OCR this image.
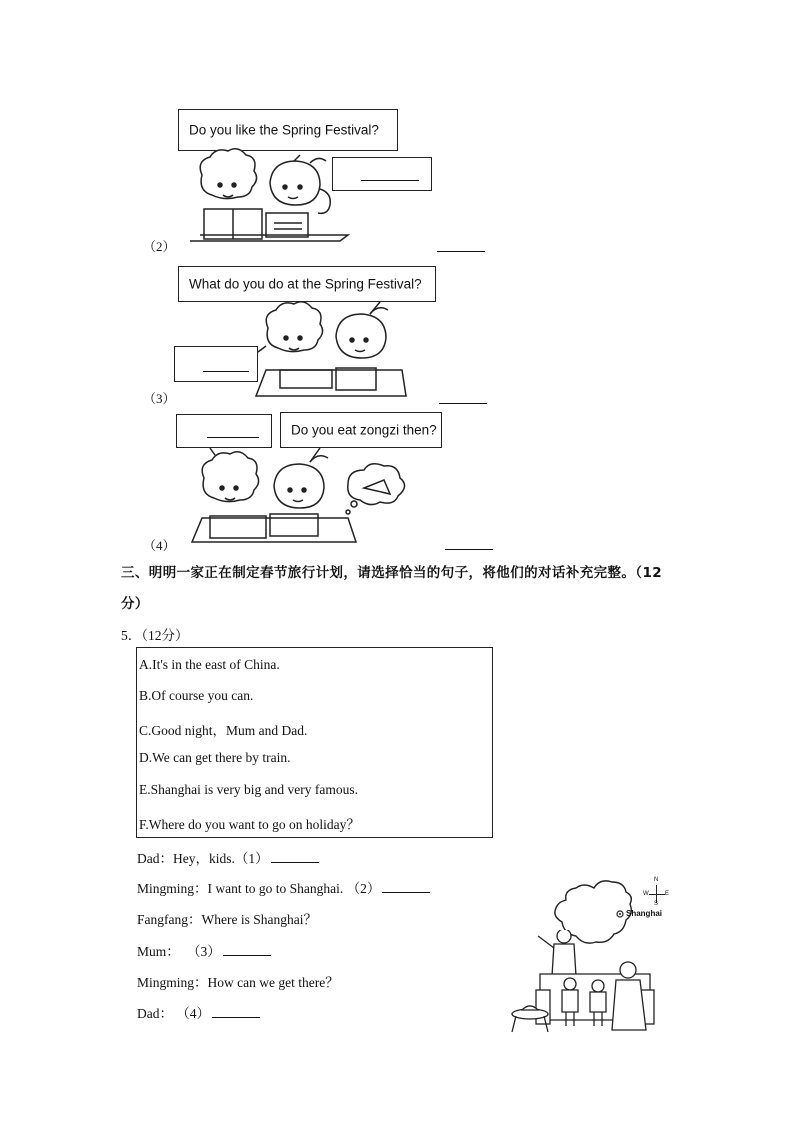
Do you like the Spring Festival?
（2）
What do you do at the Spring Festival?
（3）
Do you eat zongzi then?
（4）
三、明明一家正在制定春节旅行计划，请选择恰当的句子，将他们的对话补充完整。（12
分）
5．（12分）
A.It's in the east of China.
B.Of course you can.
C.Good night，Mum and Dad.
D.We can get there by train.
E.Shanghai is very big and very famous.
F.Where do you want to go on holiday？
Dad：Hey，kids.（1）
Mingming：I want to go to Shanghai. （2）
Fangfang：Where is Shanghai？
Mum： （3）
Mingming：How can we get there？
Dad： （4）
Shanghai
N
S
W	E
